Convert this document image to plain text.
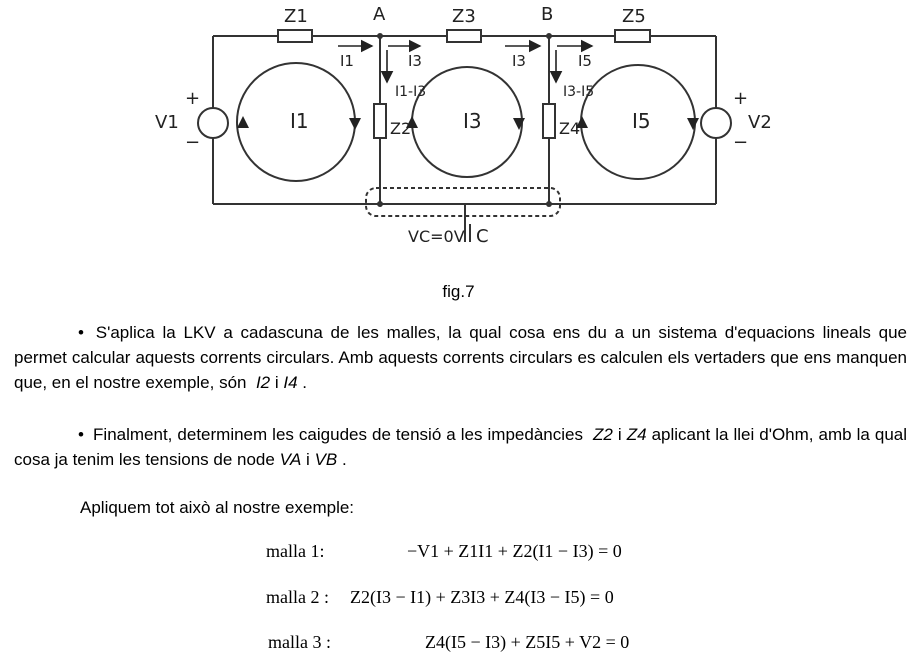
Z1	A	Z3	B	Z5
Z2	Z4
V1	V2
+
−
+
−
I1	I3	I3	I5
I1-I3	I3-I5
I1	I3	I5
VC=0V C
fig.7
• S'aplica la LKV a cadascuna de les malles, la qual cosa ens du a un sistema d'equacions lineals que permet calcular aquests corrents circulars. Amb aquests corrents circulars es calculen els vertaders que ens manquen que, en el nostre exemple, són I2 i I4 .
• Finalment, determinem les caigudes de tensió a les impedàncies Z2 i Z4 aplicant la llei d'Ohm, amb la qual cosa ja tenim les tensions de node VA i VB .
Apliquem tot això al nostre exemple:
malla 1:	−V1 + Z1I1 + Z2(I1 − I3) = 0
malla 2 : Z2(I3 − I1) + Z3I3 + Z4(I3 − I5) = 0
malla 3 :	Z4(I5 − I3) + Z5I5 + V2 = 0
